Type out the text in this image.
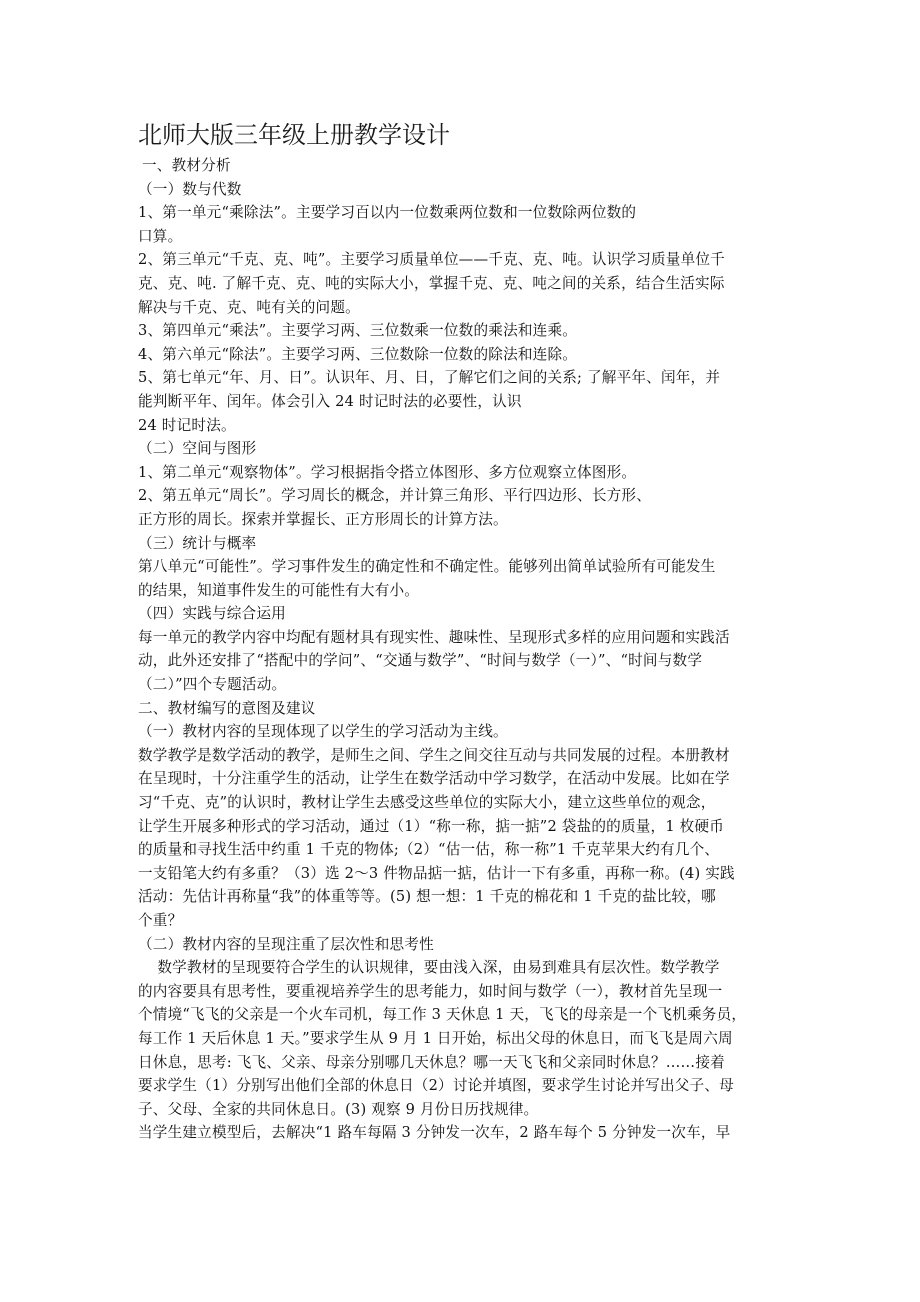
北师大版三年级上册教学设计

一、教材分析

（一）数与代数

1、第一单元“乘除法”。主要学习百以内一位数乘两位数和一位数除两位数的

口算。

2、第三单元“千克、克、吨”。主要学习质量单位——千克、克、吨。认识学习质量单位千

克、克、吨. 了解千克、克、吨的实际大小，掌握千克、克、吨之间的关系，结合生活实际

解决与千克、克、吨有关的问题。

3、第四单元“乘法”。主要学习两、三位数乘一位数的乘法和连乘。

4、第六单元“除法”。主要学习两、三位数除一位数的除法和连除。

5、第七单元“年、月、日”。认识年、月、日，了解它们之间的关系; 了解平年、闰年，并

能判断平年、闰年。体会引入 24 时记时法的必要性，认识

24 时记时法。

（二）空间与图形

1、第二单元“观察物体”。学习根据指令搭立体图形、多方位观察立体图形。

2、第五单元“周长”。学习周长的概念，并计算三角形、平行四边形、长方形、

正方形的周长。探索并掌握长、正方形周长的计算方法。

（三）统计与概率

第八单元“可能性”。学习事件发生的确定性和不确定性。能够列出简单试验所有可能发生

的结果，知道事件发生的可能性有大有小。

（四）实践与综合运用

每一单元的教学内容中均配有题材具有现实性、趣味性、呈现形式多样的应用问题和实践活

动，此外还安排了“搭配中的学问”、“交通与数学”、“时间与数学（一）”、“时间与数学

（二）”四个专题活动。

二、教材编写的意图及建议

（一）教材内容的呈现体现了以学生的学习活动为主线。

数学教学是数学活动的教学，是师生之间、学生之间交往互动与共同发展的过程。本册教材

在呈现时，十分注重学生的活动，让学生在数学活动中学习数学，在活动中发展。比如在学

习“千克、克”的认识时，教材让学生去感受这些单位的实际大小，建立这些单位的观念，

让学生开展多种形式的学习活动，通过（1）“称一称，掂一掂”2 袋盐的的质量，1 枚硬币

的质量和寻找生活中约重 1 千克的物体;（2）“估一估，称一称”1 千克苹果大约有几个、

一支铅笔大约有多重？（3）选 2～3 件物品掂一掂，估计一下有多重，再称一称。(4) 实践

活动：先估计再称量“我”的体重等等。(5) 想一想：1 千克的棉花和 1 千克的盐比较，哪

个重？

（二）教材内容的呈现注重了层次性和思考性

数学教材的呈现要符合学生的认识规律，要由浅入深，由易到难具有层次性。数学教学

的内容要具有思考性，要重视培养学生的思考能力，如时间与数学（一），教材首先呈现一

个情境“飞飞的父亲是一个火车司机，每工作 3 天休息 1 天，飞飞的母亲是一个飞机乘务员，

每工作 1 天后休息 1 天。”要求学生从 9 月 1 日开始，标出父母的休息日，而飞飞是周六周

日休息，思考: 飞飞、父亲、母亲分别哪几天休息？哪一天飞飞和父亲同时休息？……接着

要求学生（1）分别写出他们全部的休息日（2）讨论并填图，要求学生讨论并写出父子、母

子、父母、全家的共同休息日。(3) 观察 9 月份日历找规律。

当学生建立模型后，去解决“1 路车每隔 3 分钟发一次车，2 路车每个 5 分钟发一次车，早
